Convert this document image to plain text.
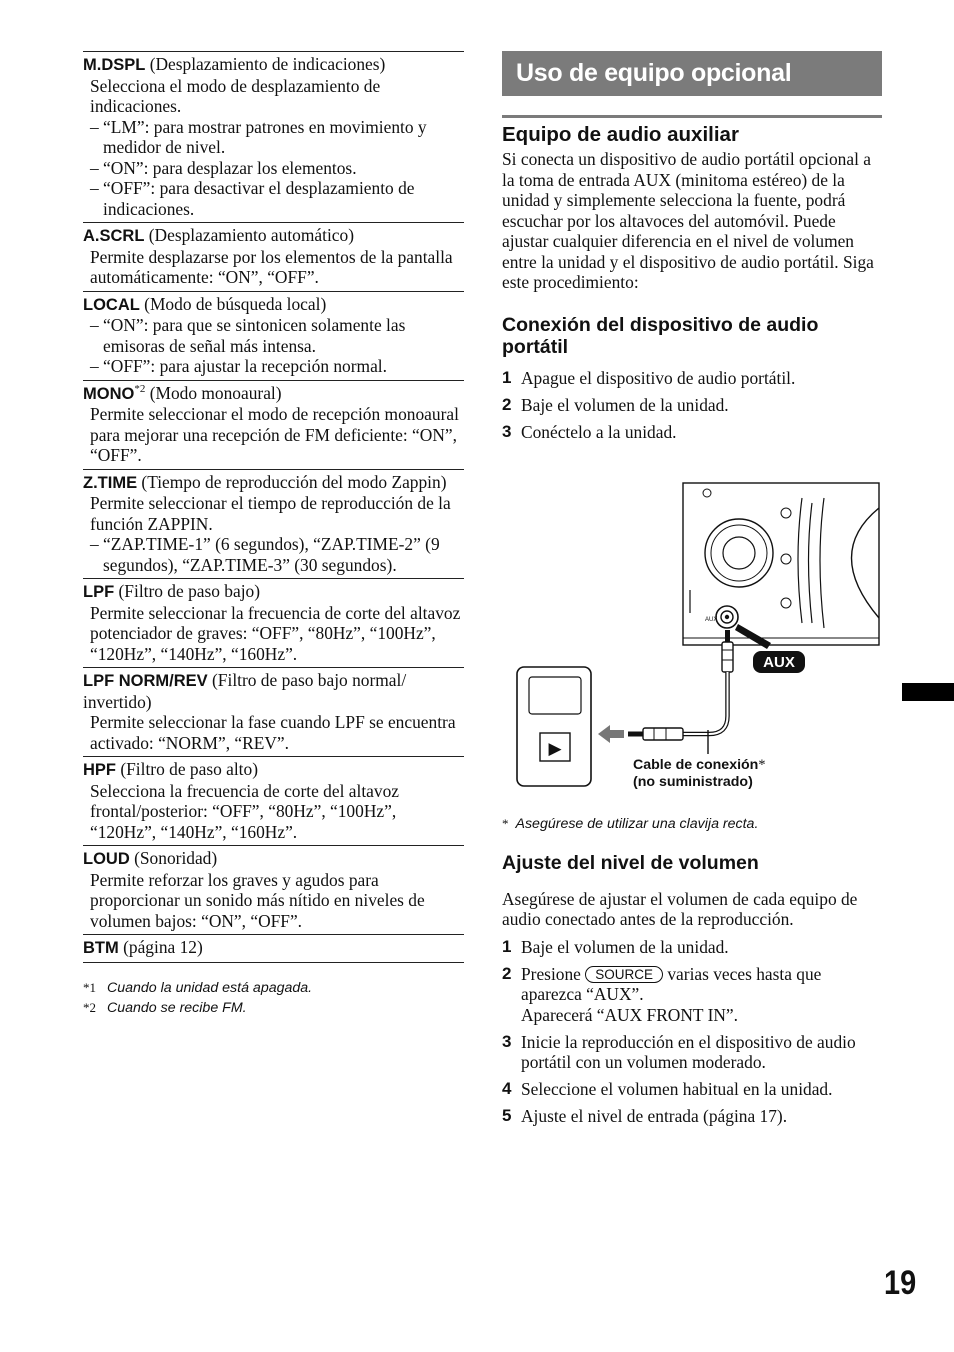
M.DSPL (Desplazamiento de indicaciones)
Selecciona el modo de desplazamiento de indicaciones.
– “LM”: para mostrar patrones en movimiento y medidor de nivel.
– “ON”: para desplazar los elementos.
– “OFF”: para desactivar el desplazamiento de indicaciones.
A.SCRL (Desplazamiento automático)
Permite desplazarse por los elementos de la pantalla automáticamente: “ON”, “OFF”.
LOCAL (Modo de búsqueda local)
– “ON”: para que se sintonicen solamente las emisoras de señal más intensa.
– “OFF”: para ajustar la recepción normal.
MONO$^{*2}$ (Modo monoaural)
Permite seleccionar el modo de recepción monoaural para mejorar una recepción de FM deficiente: “ON”, “OFF”.
Z.TIME (Tiempo de reproducción del modo Zappin)
Permite seleccionar el tiempo de reproducción de la función ZAPPIN.
– “ZAP.TIME-1” (6 segundos), “ZAP.TIME-2” (9 segundos), “ZAP.TIME-3” (30 segundos).
LPF (Filtro de paso bajo)
Permite seleccionar la frecuencia de corte del altavoz potenciador de graves: “OFF”, “80Hz”, “100Hz”, “120Hz”, “140Hz”, “160Hz”.
LPF NORM/REV (Filtro de paso bajo normal/ invertido)
Permite seleccionar la fase cuando LPF se encuentra activado: “NORM”, “REV”.
HPF (Filtro de paso alto)
Selecciona la frecuencia de corte del altavoz frontal/posterior: “OFF”, “80Hz”, “100Hz”, “120Hz”, “140Hz”, “160Hz”.
LOUD (Sonoridad)
Permite reforzar los graves y agudos para proporcionar un sonido más nítido en niveles de volumen bajos: “ON”, “OFF”.
BTM (página 12)
*1 Cuando la unidad está apagada.
*2 Cuando se recibe FM.
Uso de equipo opcional
Equipo de audio auxiliar
Si conecta un dispositivo de audio portátil opcional a la toma de entrada AUX (minitoma estéreo) de la unidad y simplemente selecciona la fuente, podrá escuchar por los altavoces del automóvil. Puede ajustar cualquier diferencia en el nivel de volumen entre la unidad y el dispositivo de audio portátil. Siga este procedimiento:
Conexión del dispositivo de audio portátil
1 Apague el dispositivo de audio portátil.
2 Baje el volumen de la unidad.
3 Conéctelo a la unidad.
AUX
AUX
▶
Cable de conexión*
(no suministrado)
* Asegúrese de utilizar una clavija recta.
Ajuste del nivel de volumen
Asegúrese de ajustar el volumen de cada equipo de audio conectado antes de la reproducción.
1 Baje el volumen de la unidad.
2 Presione SOURCE varias veces hasta que aparezca “AUX”.
Aparecerá “AUX FRONT IN”.
3 Inicie la reproducción en el dispositivo de audio portátil con un volumen moderado.
4 Seleccione el volumen habitual en la unidad.
5 Ajuste el nivel de entrada (página 17).
19
